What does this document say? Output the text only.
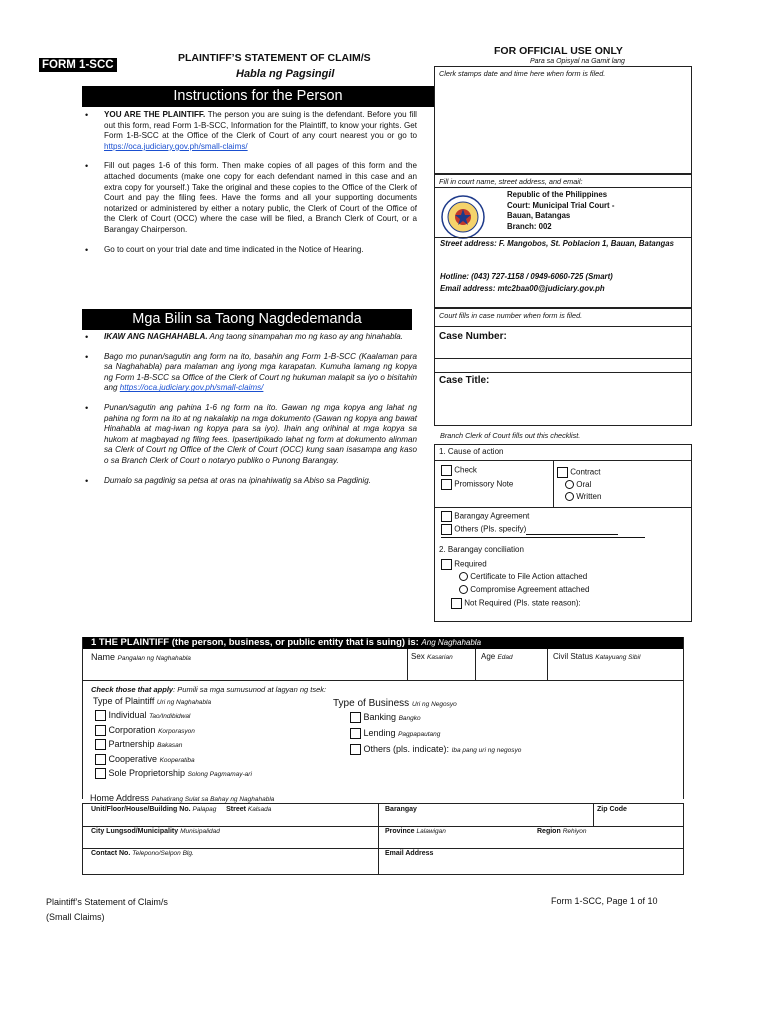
FORM 1-SCC
PLAINTIFF’S STATEMENT OF CLAIM/S
Habla ng Pagsingil
FOR OFFICIAL USE ONLY
Para sa Opisyal na Gamit lang
Instructions for the Person
• YOU ARE THE PLAINTIFF. The person you are suing is the defendant. Before you fill out this form, read Form 1-B-SCC, Information for the Plaintiff, to know your rights. Get Form 1-B-SCC at the Office of the Clerk of Court of any court nearest you or go to https://oca.judiciary.gov.ph/small-claims/
• Fill out pages 1-6 of this form. Then make copies of all pages of this form and the attached documents (make one copy for each defendant named in this case and an extra copy for yourself.) Take the original and these copies to the Office of the Clerk of Court and pay the filing fees. Have the forms and all your supporting documents notarized or administered by either a notary public, the Clerk of Court of the Office of the Clerk of Court (OCC) where the case will be filed, a Branch Clerk of Court, or a Barangay Chairperson.
• Go to court on your trial date and time indicated in the Notice of Hearing.
Mga Bilin sa Taong Nagdedemanda
• IKAW ANG NAGHAHABLA. Ang taong sinampahan mo ng kaso ay ang hinahabla.
• Bago mo punan/sagutin ang form na ito, basahin ang Form 1-B-SCC (Kaalaman para sa Naghahabla) para malaman ang iyong mga karapatan. Kumuha lamang ng kopya ng Form 1-B-SCC sa Office of the Clerk of Court ng hukuman malapit sa iyo o bisitahin ang https://oca.judiciary.gov.ph/small-claims/
• Punan/sagutin ang pahina 1-6 ng form na ito. Gawan ng mga kopya ang lahat ng pahina ng form na ito at ng nakalakip na mga dokumento (Gawan ng kopya ang bawat Hinahabla at mag-iwan ng kopya para sa iyo). Ihain ang orihinal at mga kopya sa hukom at magbayad ng filing fees. Ipasertipikado lahat ng form at dokumento alinman sa Clerk of Court ng Office of the Clerk of Court (OCC) kung saan isasampa ang kaso o sa Branch Clerk of Court o notaryo publiko o Punong Barangay.
• Dumalo sa pagdinig sa petsa at oras na ipinahiwatig sa Abiso sa Pagdinig.
Clerk stamps date and time here when form is filed.
Fill in court name, street address, and email:
Republic of the Philippines
Court: Municipal Trial Court -
Bauan, Batangas
Branch: 002
Street address: F. Mangobos, St. Poblacion 1, Bauan, Batangas
Hotline: (043) 727-1158 / 0949-6060-725 (Smart)
Email address: mtc2baa00@judiciary.gov.ph
Court fills in case number when form is filed.
Case Number:
Case Title:
Branch Clerk of Court fills out this checklist.
1. Cause of action
Check
Promissory Note
Contract
Oral
Written
Barangay Agreement
Others (Pls. specify)
2. Barangay conciliation
Required
Certificate to File Action attached
Compromise Agreement attached
Not Required (Pls. state reason):
1 THE PLAINTIFF (the person, business, or public entity that is suing) is: Ang Naghahabla
Name Pangalan ng Naghahabla	Sex Kasarian	Age Edad	Civil Status Katayuang Sibil
Check those that apply: Pumili sa mga sumusunod at lagyan ng tsek:
Type of Plaintiff Uri ng Naghahabla
Individual Tao/Indibidwal
Corporation Korporasyon
Partnership Bakasan
Cooperative Kooperatiba
Sole Proprietorship Solong Pagmamay-ari
Type of Business Uri ng Negosyo
Banking Bangko
Lending Pagpapautang
Others (pls. indicate): Iba pang uri ng negosyo
Home Address Pahatirang Sulat sa Bahay ng Naghahabla
Unit/Floor/House/Building No. Palapag Street Kalsada	Barangay	Zip Code
City Lungsod/Municipality Munisipalidad	Province Lalawigan	Region Rehiyon
Contact No. Telepono/Selpon Blg.	Email Address
Plaintiff’s Statement of Claim/s
(Small Claims)
Form 1-SCC, Page 1 of 10
